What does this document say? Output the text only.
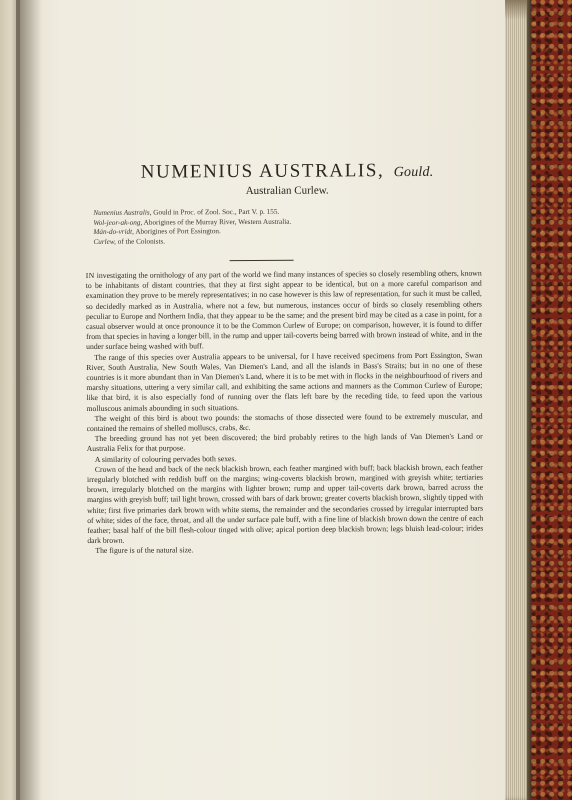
NUMENIUS AUSTRALIS, Gould.
Australian Curlew.
Numenius Australis, Gould in Proc. of Zool. Soc., Part V. p. 155.
Wol-jeor-ak-ong, Aborigines of the Murray River, Western Australia.
Mán-do-vridt, Aborigines of Port Essington.
Curlew, of the Colonists.

IN investigating the ornithology of any part of the world we find many instances of species so closely resembling others, known to be inhabitants of distant countries, that they at first sight appear to be identical, but on a more careful comparison and examination they prove to be merely representatives; in no case however is this law of representation, for such it must be called, so decidedly marked as in Australia, where not a few, but numerous, instances occur of birds so closely resembling others peculiar to Europe and Northern India, that they appear to be the same; and the present bird may be cited as a case in point, for a casual observer would at once pronounce it to be the Common Curlew of Europe; on comparison, however, it is found to differ from that species in having a longer bill, in the rump and upper tail-coverts being barred with brown instead of white, and in the under surface being washed with buff.

The range of this species over Australia appears to be universal, for I have received specimens from Port Essington, Swan River, South Australia, New South Wales, Van Diemen's Land, and all the islands in Bass's Straits; but in no one of these countries is it more abundant than in Van Diemen's Land, where it is to be met with in flocks in the neighbourhood of rivers and marshy situations, uttering a very similar call, and exhibiting the same actions and manners as the Common Curlew of Europe; like that bird, it is also especially fond of running over the flats left bare by the receding tide, to feed upon the various molluscous animals abounding in such situations.

The weight of this bird is about two pounds: the stomachs of those dissected were found to be extremely muscular, and contained the remains of shelled molluscs, crabs, &c.

The breeding ground has not yet been discovered; the bird probably retires to the high lands of Van Diemen's Land or Australia Felix for that purpose.

A similarity of colouring pervades both sexes.

Crown of the head and back of the neck blackish brown, each feather margined with buff; back blackish brown, each feather irregularly blotched with reddish buff on the margins; wing-coverts blackish brown, margined with greyish white; tertiaries brown, irregularly blotched on the margins with lighter brown; rump and upper tail-coverts dark brown, barred across the margins with greyish buff; tail light brown, crossed with bars of dark brown; greater coverts blackish brown, slightly tipped with white; first five primaries dark brown with white stems, the remainder and the secondaries crossed by irregular interrupted bars of white; sides of the face, throat, and all the under surface pale buff, with a fine line of blackish brown down the centre of each feather; basal half of the bill flesh-colour tinged with olive; apical portion deep blackish brown; legs bluish lead-colour; irides dark brown.

The figure is of the natural size.
